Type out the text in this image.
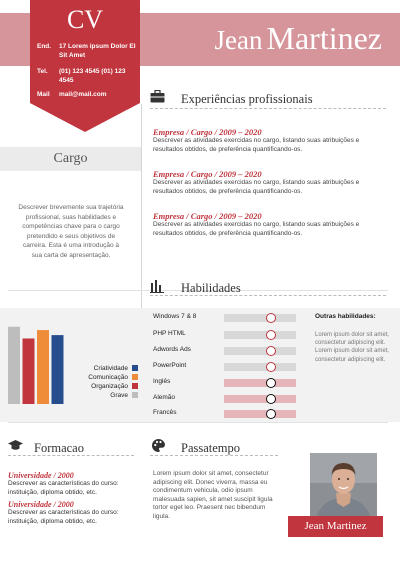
Jean Martinez
CV
End.	17 Lorem ipsum Dolor El Sit Amet
Tel.	(01) 123 4545 (01) 123 4545
Mail	mail@mail.com	Experiências profissionais
Empresa / Cargo / 2009 – 2020
Descrever as atividades exercidas no cargo, listando suas atribuições e resultados obtidos, de preferência quantificando-os.
Empresa / Cargo / 2009 – 2020
Descrever as atividades exercidas no cargo, listando suas atribuições e resultados obtidos, de preferência quantificando-os.
Empresa / Cargo / 2009 – 2020
Descrever as atividades exercidas no cargo, listando suas atribuições e resultados obtidos, de preferência quantificando-os.
Cargo
Descrever brevemente sua trajetória profissional, suas habilidades e competências chave para o cargo pretendido e seus objetivos de carreira. Esta é uma introdução à sua carta de apresentação.
Habilidades
Criatividade
Comunicação
Organização
Grave
Windows 7 & 8
PHP HTML
Adwords Ads
PowerPoint
Inglês
Alemão
Francês
Outras habilidades:
Lorem ipsum dolor sit amet, consectetur adipiscing elit. Lorem ipsum dolor sit amet, consectetur adipiscing elit.
Formacao
Universidade / 2000
Descrever as características do curso: instituição, diploma obtido, etc.
Universidade / 2000
Descrever as características do curso: instituição, diploma obtido, etc.
Passatempo
Lorem ipsum dolor sit amet, consectetur adipiscing elit. Donec viverra, massa eu condimentum vehicula, odio ipsum malesuada sapien, sit amet suscipit ligula tortor eget leo. Praesent nec bibendum ligula.
Jean Martinez
